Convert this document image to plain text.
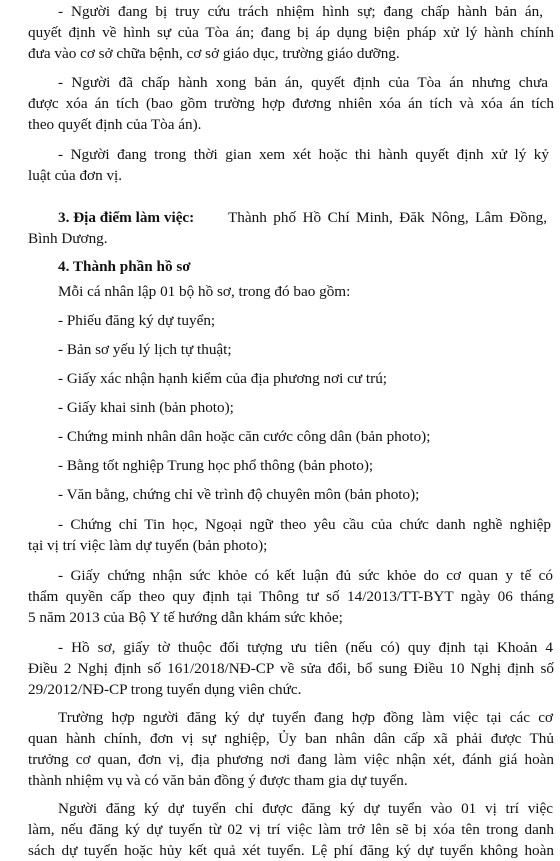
- Người đang bị truy cứu trách nhiệm hình sự; đang chấp hành bản án,
quyết định về hình sự của Tòa án; đang bị áp dụng biện pháp xử lý hành chính
đưa vào cơ sở chữa bệnh, cơ sở giáo dục, trường giáo dưỡng.
- Người đã chấp hành xong bản án, quyết định của Tòa án nhưng chưa
được xóa án tích (bao gồm trường hợp đương nhiên xóa án tích và xóa án tích
theo quyết định của Tòa án).
- Người đang trong thời gian xem xét hoặc thi hành quyết định xử lý kỷ
luật của đơn vị.
3. Địa điểm làm việc:	Thành phố Hồ Chí Minh, Đăk Nông, Lâm Đồng,
Bình Dương.
4. Thành phần hồ sơ
Mỗi cá nhân lập 01 bộ hồ sơ, trong đó bao gồm:
- Phiếu đăng ký dự tuyển;
- Bản sơ yếu lý lịch tự thuật;
- Giấy xác nhận hạnh kiểm của địa phương nơi cư trú;
- Giấy khai sinh (bản photo);
- Chứng minh nhân dân hoặc căn cước công dân (bản photo);
- Bằng tốt nghiệp Trung học phổ thông (bản photo);
- Văn bằng, chứng chỉ về trình độ chuyên môn (bản photo);
- Chứng chỉ Tin học, Ngoại ngữ theo yêu cầu của chức danh nghề nghiệp
tại vị trí việc làm dự tuyển (bản photo);
- Giấy chứng nhận sức khỏe có kết luận đủ sức khỏe do cơ quan y tế có
thẩm quyền cấp theo quy định tại Thông tư số 14/2013/TT-BYT ngày 06 tháng
5 năm 2013 của Bộ Y tế hướng dẫn khám sức khỏe;
- Hồ sơ, giấy tờ thuộc đối tượng ưu tiên (nếu có) quy định tại Khoản 4
Điều 2 Nghị định số 161/2018/NĐ-CP về sửa đổi, bổ sung Điều 10 Nghị định số
29/2012/NĐ-CP trong tuyển dụng viên chức.
Trường hợp người đăng ký dự tuyển đang hợp đồng làm việc tại các cơ
quan hành chính, đơn vị sự nghiệp, Ủy ban nhân dân cấp xã phải được Thủ
trưởng cơ quan, đơn vị, địa phương nơi đang làm việc nhận xét, đánh giá hoàn
thành nhiệm vụ và có văn bản đồng ý được tham gia dự tuyển.
Người đăng ký dự tuyển chỉ được đăng ký dự tuyển vào 01 vị trí việc
làm, nếu đăng ký dự tuyển từ 02 vị trí việc làm trở lên sẽ bị xóa tên trong danh
sách dự tuyển hoặc hủy kết quả xét tuyển. Lệ phí đăng ký dự tuyển không hoàn
